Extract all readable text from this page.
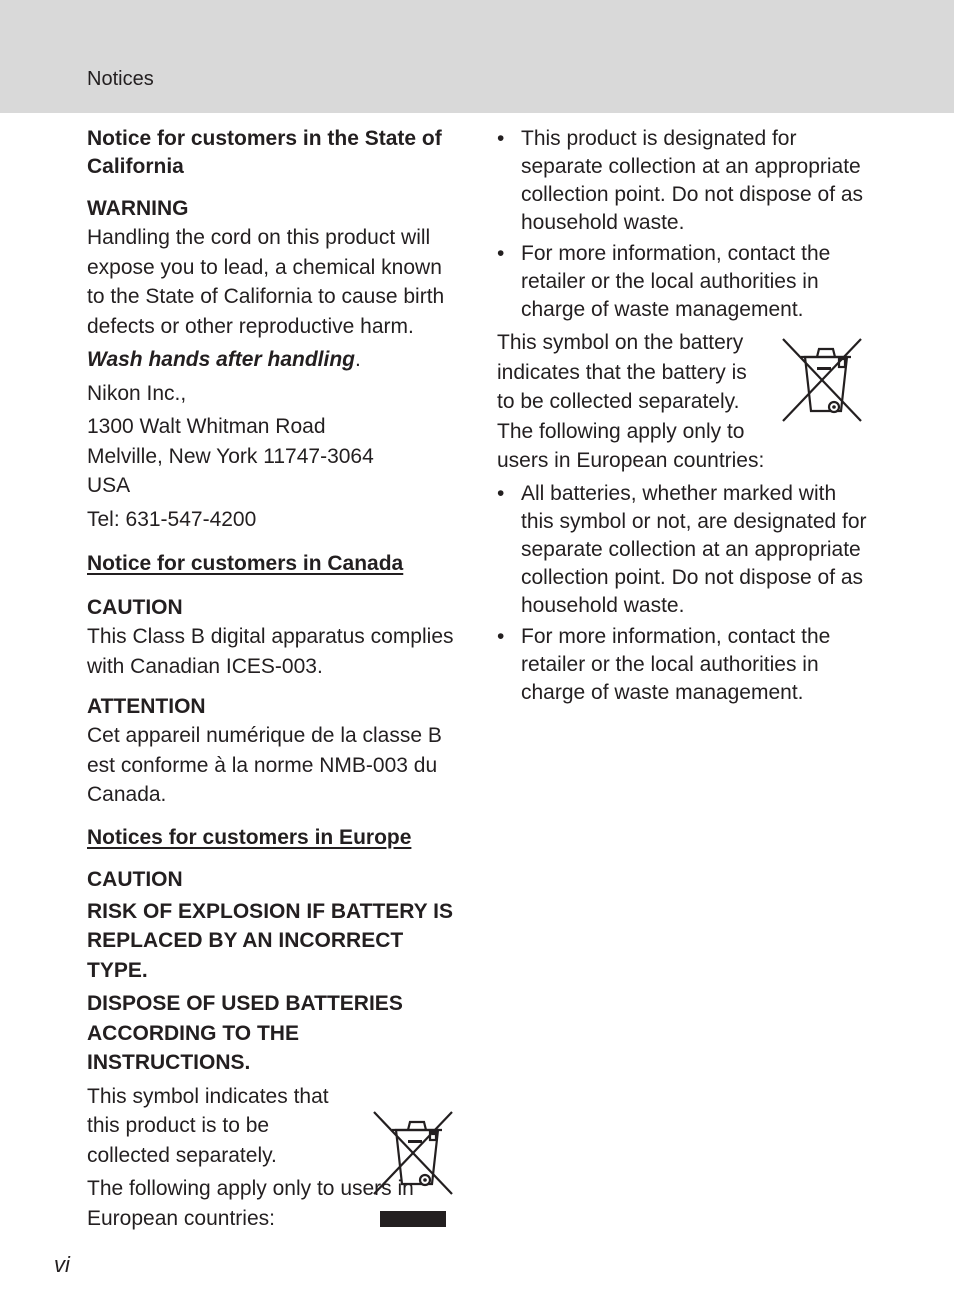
Notices

Notice for customers in the State of California

WARNING

Handling the cord on this product will expose you to lead, a chemical known to the State of California to cause birth defects or other reproductive harm.

Wash hands after handling.

Nikon Inc.,

1300 Walt Whitman Road

Melville, New York 11747-3064

USA

Tel: 631-547-4200

Notice for customers in Canada

CAUTION

This Class B digital apparatus complies with Canadian ICES-003.

ATTENTION

Cet appareil numérique de la classe B est conforme à la norme NMB-003 du Canada.

Notices for customers in Europe

CAUTION

RISK OF EXPLOSION IF BATTERY IS REPLACED BY AN INCORRECT TYPE.

DISPOSE OF USED BATTERIES ACCORDING TO THE INSTRUCTIONS.

This symbol indicates that this product is to be collected separately.

The following apply only to users in European countries:

• This product is designated for separate collection at an appropriate collection point. Do not dispose of as household waste.
• For more information, contact the retailer or the local authorities in charge of waste management.

This symbol on the battery indicates that the battery is to be collected separately. The following apply only to users in European countries:

• All batteries, whether marked with this symbol or not, are designated for separate collection at an appropriate collection point. Do not dispose of as household waste.
• For more information, contact the retailer or the local authorities in charge of waste management.
vi
